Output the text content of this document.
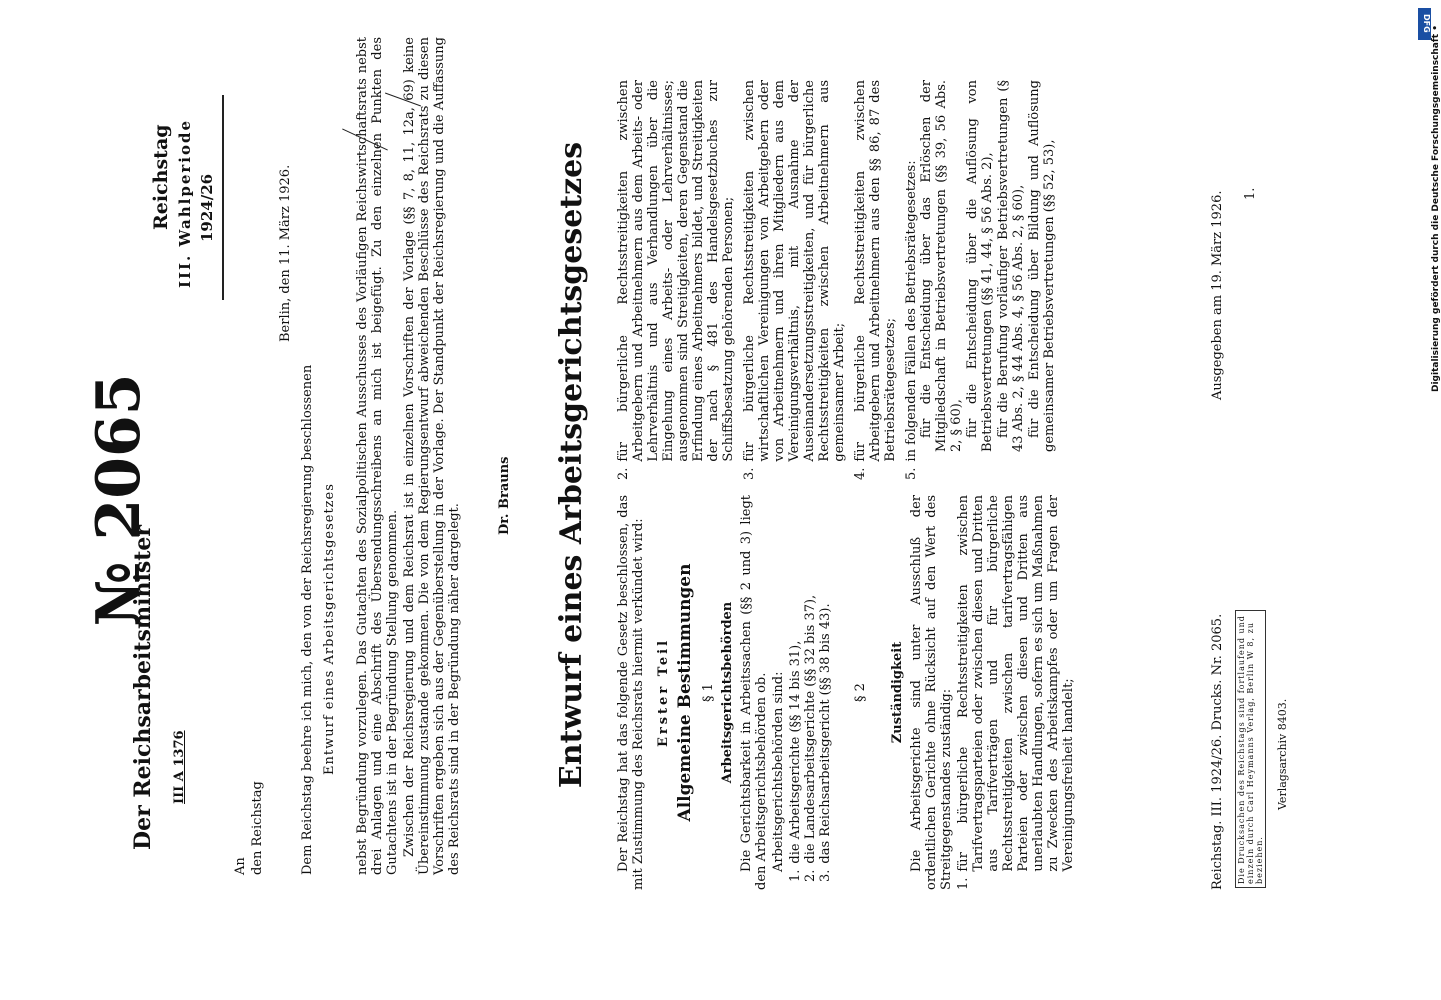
Der Reichsarbeitsminister III A 1376
№ 2065
Reichstag III. Wahlperiode 1924/26
An den Reichstag
Berlin, den 11. März 1926.
Dem Reichstag beehre ich mich, den von der Reichsregierung beschlossenen Entwurf eines Arbeitsgerichtsgesetzes nebst Begründung vorzulegen. Das Gutachten des Sozialpolitischen Ausschusses des Vorläufigen Reichswirtschaftsrats nebst drei Anlagen und eine Abschrift des Übersendungsschreibens an mich ist beigefügt. Zu den einzelnen Punkten des Gutachtens ist in der Begründung Stellung genommen. Zwischen der Reichsregierung und dem Reichsrat ist in einzelnen Vorschriften der Vorlage (§§ 7, 8, 11, 12a, 69) keine Übereinstimmung zustande gekommen. Die von dem Regierungsentwurf abweichenden Beschlüsse des Reichsrats zu diesen Vorschriften ergeben sich aus der Gegenüberstellung in der Vorlage. Der Standpunkt der Reichsregierung und die Auffassung des Reichsrats sind in der Begründung näher dargelegt.

Dr. Brauns Entwurf eines Arbeitsgerichtsgesetzes Der Reichstag hat das folgende Gesetz beschlossen, das mit Zustimmung des Reichsrats hiermit verkündet wird: Erster Teil Allgemeine Bestimmungen § 1 Arbeitsgerichtsbehörden Die Gerichtsbarkeit in Arbeitssachen (§§ 2 und 3) liegt den Arbeitsgerichtsbehörden ob. Arbeitsgerichtsbehörden sind:

1.
die Arbeitsgerichte (§§ 14 bis 31),
2.
die Landesarbeitsgerichte (§§ 32 bis 37),
3.
das Reichsarbeitsgericht (§§ 38 bis 43). § 2 Zuständigkeit Die Arbeitsgerichte sind unter Ausschluß der ordentlichen Gerichte ohne Rücksicht auf den Wert des Streitgegenstandes zuständig: 1.
für bürgerliche Rechtsstreitigkeiten zwischen Tarifvertragsparteien oder zwischen diesen und Dritten aus Tarifverträgen und für bürgerliche Rechtsstreitigkeiten zwischen tarifvertragsfähigen Parteien oder zwischen diesen und Dritten aus unerlaubten Handlungen, sofern es sich um Maßnahmen zu Zwecken des Arbeitskampfes oder um Fragen der Vereinigungsfreiheit handelt;
2.
für bürgerliche Rechtsstreitigkeiten zwischen Arbeitgebern und Arbeitnehmern aus dem Arbeits- oder Lehrverhältnis und aus Verhandlungen über die Eingehung eines Arbeits- oder Lehrverhältnisses; ausgenommen sind Streitigkeiten, deren Gegenstand die Erfindung eines Arbeitnehmers bildet, und Streitigkeiten der nach § 481 des Handelsgesetzbuches zur Schiffsbesatzung gehörenden Personen;
3.
für bürgerliche Rechtsstreitigkeiten zwischen wirtschaftlichen Vereinigungen von Arbeitgebern oder von Arbeitnehmern und ihren Mitgliedern aus dem Vereinigungsverhältnis, mit Ausnahme der Auseinandersetzungsstreitigkeiten, und für bürgerliche Rechtsstreitigkeiten zwischen Arbeitnehmern aus gemeinsamer Arbeit;
4.
für bürgerliche Rechtsstreitigkeiten zwischen Arbeitgebern und Arbeitnehmern aus den §§ 86, 87 des Betriebsrätegesetzes;
5.
in folgenden Fällen des Betriebsrätegesetzes: für die Entscheidung über das Erlöschen der Mitgliedschaft in Betriebsvertretungen (§§ 39, 56 Abs. 2, § 60), für die Entscheidung über die Auflösung von Betriebsvertretungen (§§ 41, 44, § 56 Abs. 2), für die Berufung vorläufiger Betriebsvertretungen (§ 43 Abs. 2, § 44 Abs. 4, § 56 Abs. 2, § 60), für die Entscheidung über Bildung und Auflösung gemeinsamer Betriebsvertretungen (§§ 52, 53),	1.
Reichstag. III. 1924/26. Drucks. Nr. 2065.
Ausgegeben am 19. März 1926.
Die Drucksachen des Reichstags sind fortlaufend und einzeln durch Carl Heymanns Verlag, Berlin W 8, zu beziehen.
Verlagsarchiv 8403.
DFG
Digitalisierung gefördert durch die Deutsche Forschungsgemeinschaft •
